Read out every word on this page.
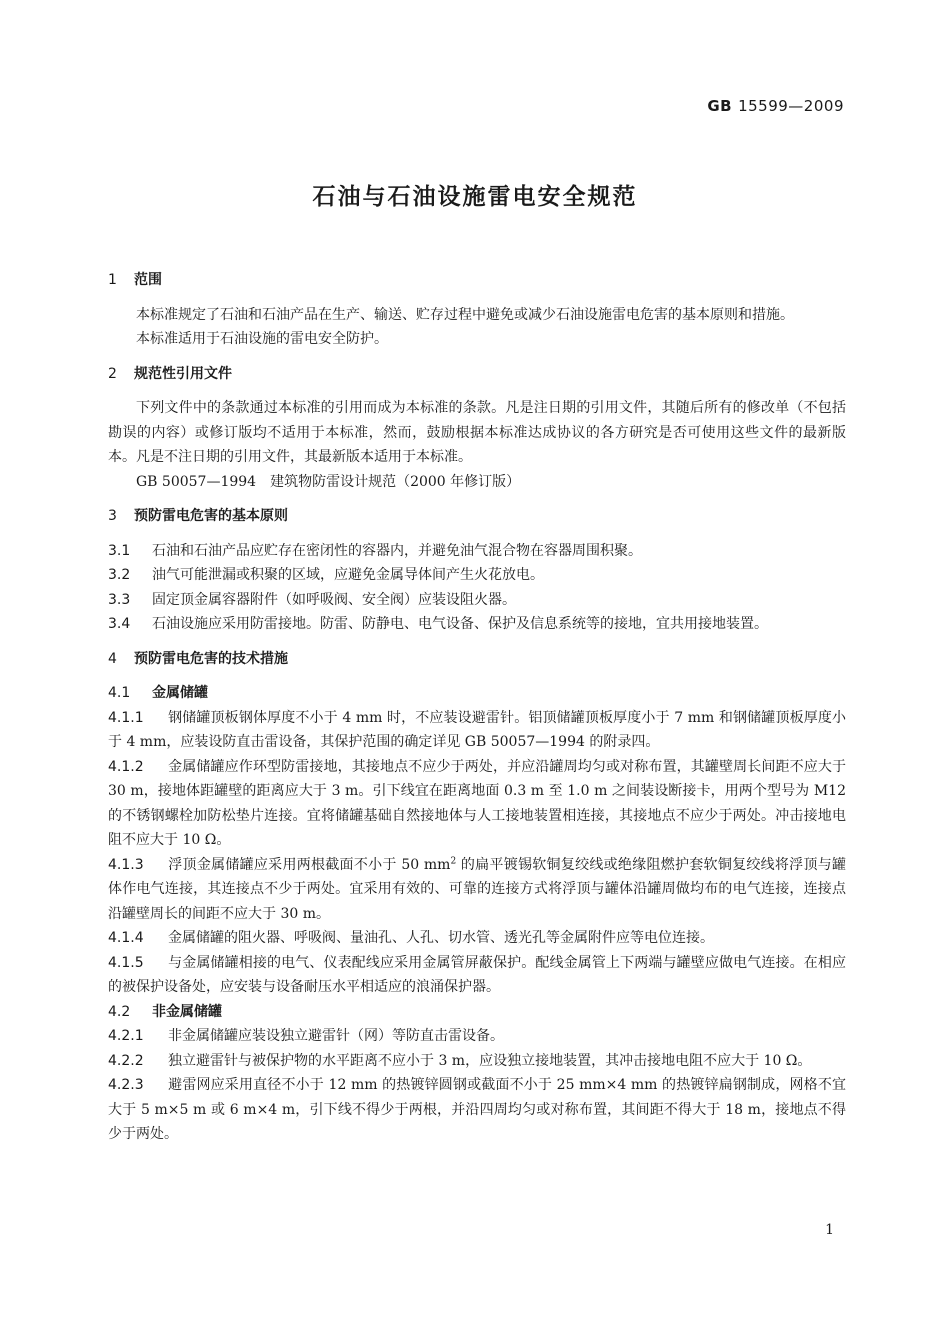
GB 15599—2009
石油与石油设施雷电安全规范
1 范围
本标准规定了石油和石油产品在生产、输送、贮存过程中避免或减少石油设施雷电危害的基本原则和措施。
本标准适用于石油设施的雷电安全防护。
2 规范性引用文件
下列文件中的条款通过本标准的引用而成为本标准的条款。凡是注日期的引用文件，其随后所有的修改单（不包括勘误的内容）或修订版均不适用于本标准，然而，鼓励根据本标准达成协议的各方研究是否可使用这些文件的最新版本。凡是不注日期的引用文件，其最新版本适用于本标准。
GB 50057—1994　建筑物防雷设计规范（2000 年修订版）
3 预防雷电危害的基本原则
3.1 石油和石油产品应贮存在密闭性的容器内，并避免油气混合物在容器周围积聚。
3.2 油气可能泄漏或积聚的区域，应避免金属导体间产生火花放电。
3.3 固定顶金属容器附件（如呼吸阀、安全阀）应装设阻火器。
3.4 石油设施应采用防雷接地。防雷、防静电、电气设备、保护及信息系统等的接地，宜共用接地装置。
4 预防雷电危害的技术措施
4.1 金属储罐
4.1.1 钢储罐顶板钢体厚度不小于 4 mm 时，不应装设避雷针。铝顶储罐顶板厚度小于 7 mm 和钢储罐顶板厚度小于 4 mm，应装设防直击雷设备，其保护范围的确定详见 GB 50057—1994 的附录四。
4.1.2 金属储罐应作环型防雷接地，其接地点不应少于两处，并应沿罐周均匀或对称布置，其罐壁周长间距不应大于 30 m，接地体距罐壁的距离应大于 3 m。引下线宜在距离地面 0.3 m 至 1.0 m 之间装设断接卡，用两个型号为 M12 的不锈钢螺栓加防松垫片连接。宜将储罐基础自然接地体与人工接地装置相连接，其接地点不应少于两处。冲击接地电阻不应大于 10 Ω。
4.1.3 浮顶金属储罐应采用两根截面不小于 50 $mm^2$ 的扁平镀锡软铜复绞线或绝缘阻燃护套软铜复绞线将浮顶与罐体作电气连接，其连接点不少于两处。宜采用有效的、可靠的连接方式将浮顶与罐体沿罐周做均布的电气连接，连接点沿罐壁周长的间距不应大于 30 m。
4.1.4 金属储罐的阻火器、呼吸阀、量油孔、人孔、切水管、透光孔等金属附件应等电位连接。
4.1.5 与金属储罐相接的电气、仪表配线应采用金属管屏蔽保护。配线金属管上下两端与罐壁应做电气连接。在相应的被保护设备处，应安装与设备耐压水平相适应的浪涌保护器。
4.2 非金属储罐
4.2.1 非金属储罐应装设独立避雷针（网）等防直击雷设备。
4.2.2 独立避雷针与被保护物的水平距离不应小于 3 m，应设独立接地装置，其冲击接地电阻不应大于 10 Ω。
4.2.3 避雷网应采用直径不小于 12 mm 的热镀锌圆钢或截面不小于 25 mm×4 mm 的热镀锌扁钢制成，网格不宜大于 5 m×5 m 或 6 m×4 m，引下线不得少于两根，并沿四周均匀或对称布置，其间距不得大于 18 m，接地点不得少于两处。
1
